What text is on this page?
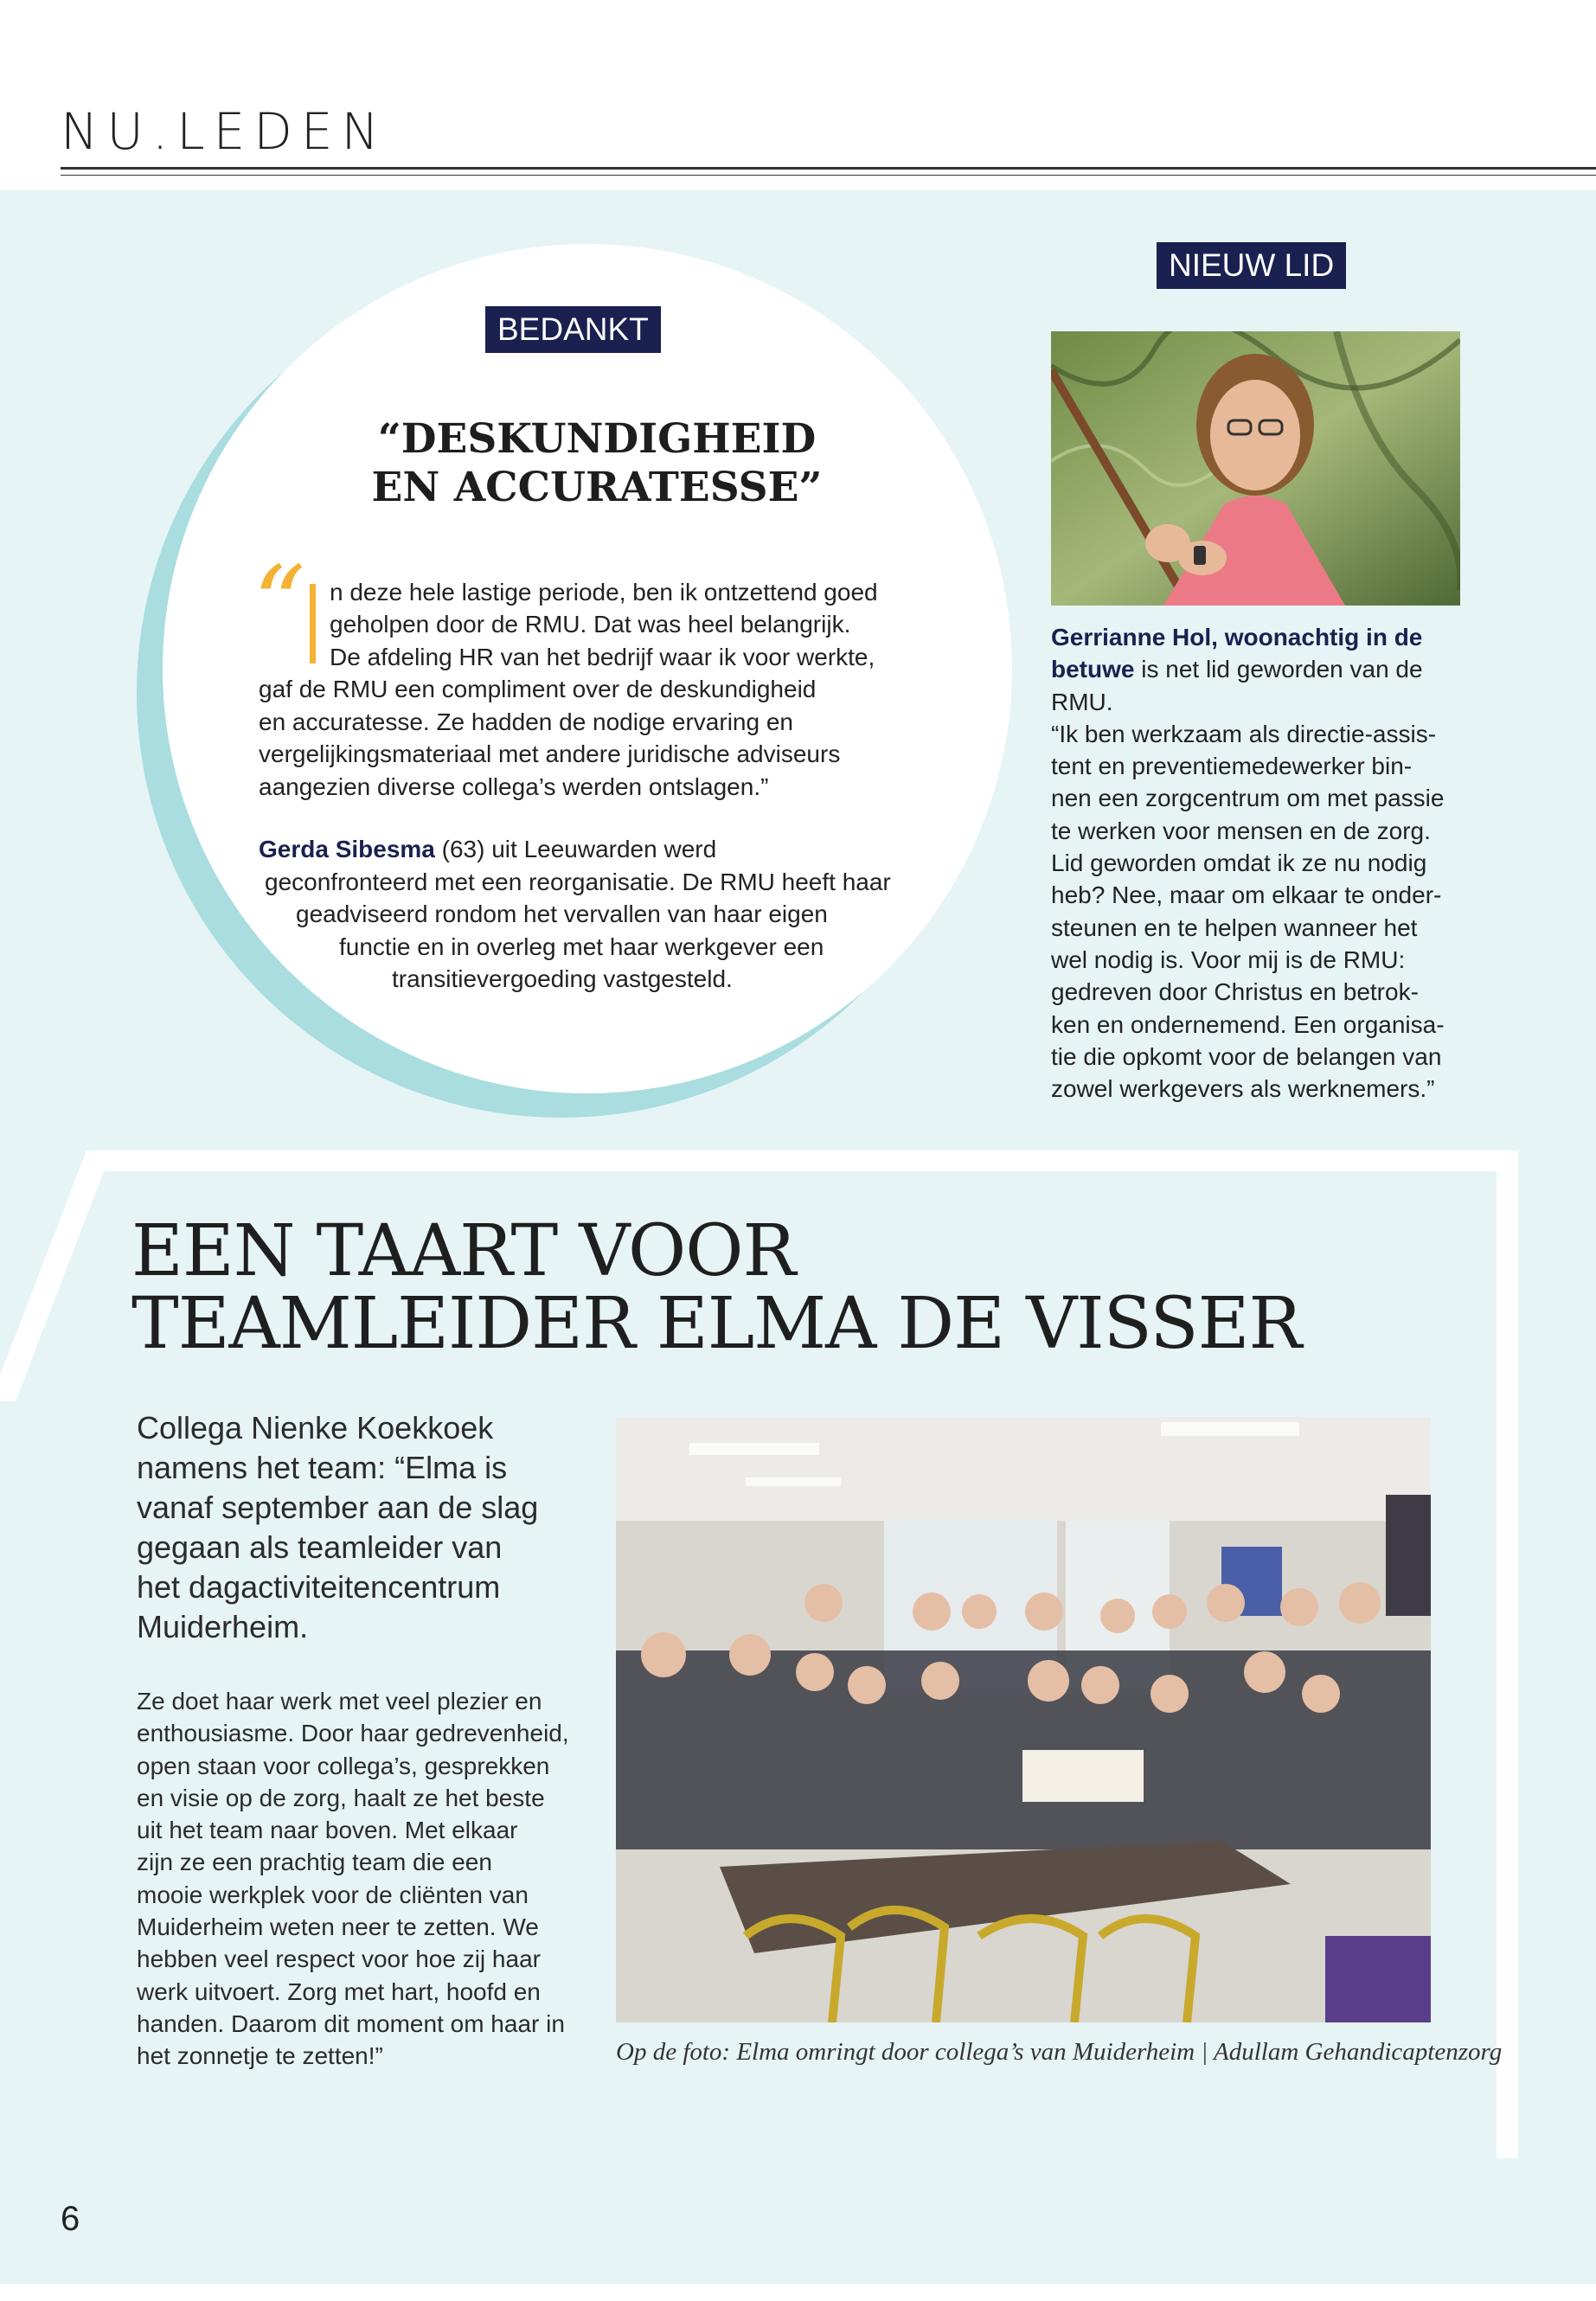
NU.LEDEN
BEDANKT
“DESKUNDIGHEID
EN ACCURATESSE”
“ n deze hele lastige periode, ben ik ontzettend goed
geholpen door de RMU. Dat was heel belangrijk.
De afdeling HR van het bedrijf waar ik voor werkte,
gaf de RMU een compliment over de deskundigheid
en accuratesse. Ze hadden de nodige ervaring en
vergelijkingsmateriaal met andere juridische adviseurs
aangezien diverse collega’s werden ontslagen.”
Gerda Sibesma (63) uit Leeuwarden werd
geconfronteerd met een reorganisatie. De RMU heeft haar
geadviseerd rondom het vervallen van haar eigen
functie en in overleg met haar werkgever een
transitievergoeding vastgesteld.
NIEUW LID
Gerrianne Hol, woonachtig in de
betuwe is net lid geworden van de
RMU.
“Ik ben werkzaam als directie-assis-
tent en preventiemedewerker bin-
nen een zorgcentrum om met passie
te werken voor mensen en de zorg.
Lid geworden omdat ik ze nu nodig
heb? Nee, maar om elkaar te onder-
steunen en te helpen wanneer het
wel nodig is. Voor mij is de RMU:
gedreven door Christus en betrok-
ken en ondernemend. Een organisa-
tie die opkomt voor de belangen van
zowel werkgevers als werknemers.”
EEN TAART VOOR
TEAMLEIDER ELMA DE VISSER
Collega Nienke Koekkoek
namens het team: “Elma is
vanaf september aan de slag
gegaan als teamleider van
het dagactiviteitencentrum
Muiderheim.
Ze doet haar werk met veel plezier en
enthousiasme. Door haar gedrevenheid,
open staan voor collega’s, gesprekken
en visie op de zorg, haalt ze het beste
uit het team naar boven. Met elkaar
zijn ze een prachtig team die een
mooie werkplek voor de cliënten van
Muiderheim weten neer te zetten. We
hebben veel respect voor hoe zij haar
werk uitvoert. Zorg met hart, hoofd en
handen. Daarom dit moment om haar in
het zonnetje te zetten!”	Op de foto: Elma omringt door collega’s van Muiderheim | Adullam Gehandicaptenzorg
6
